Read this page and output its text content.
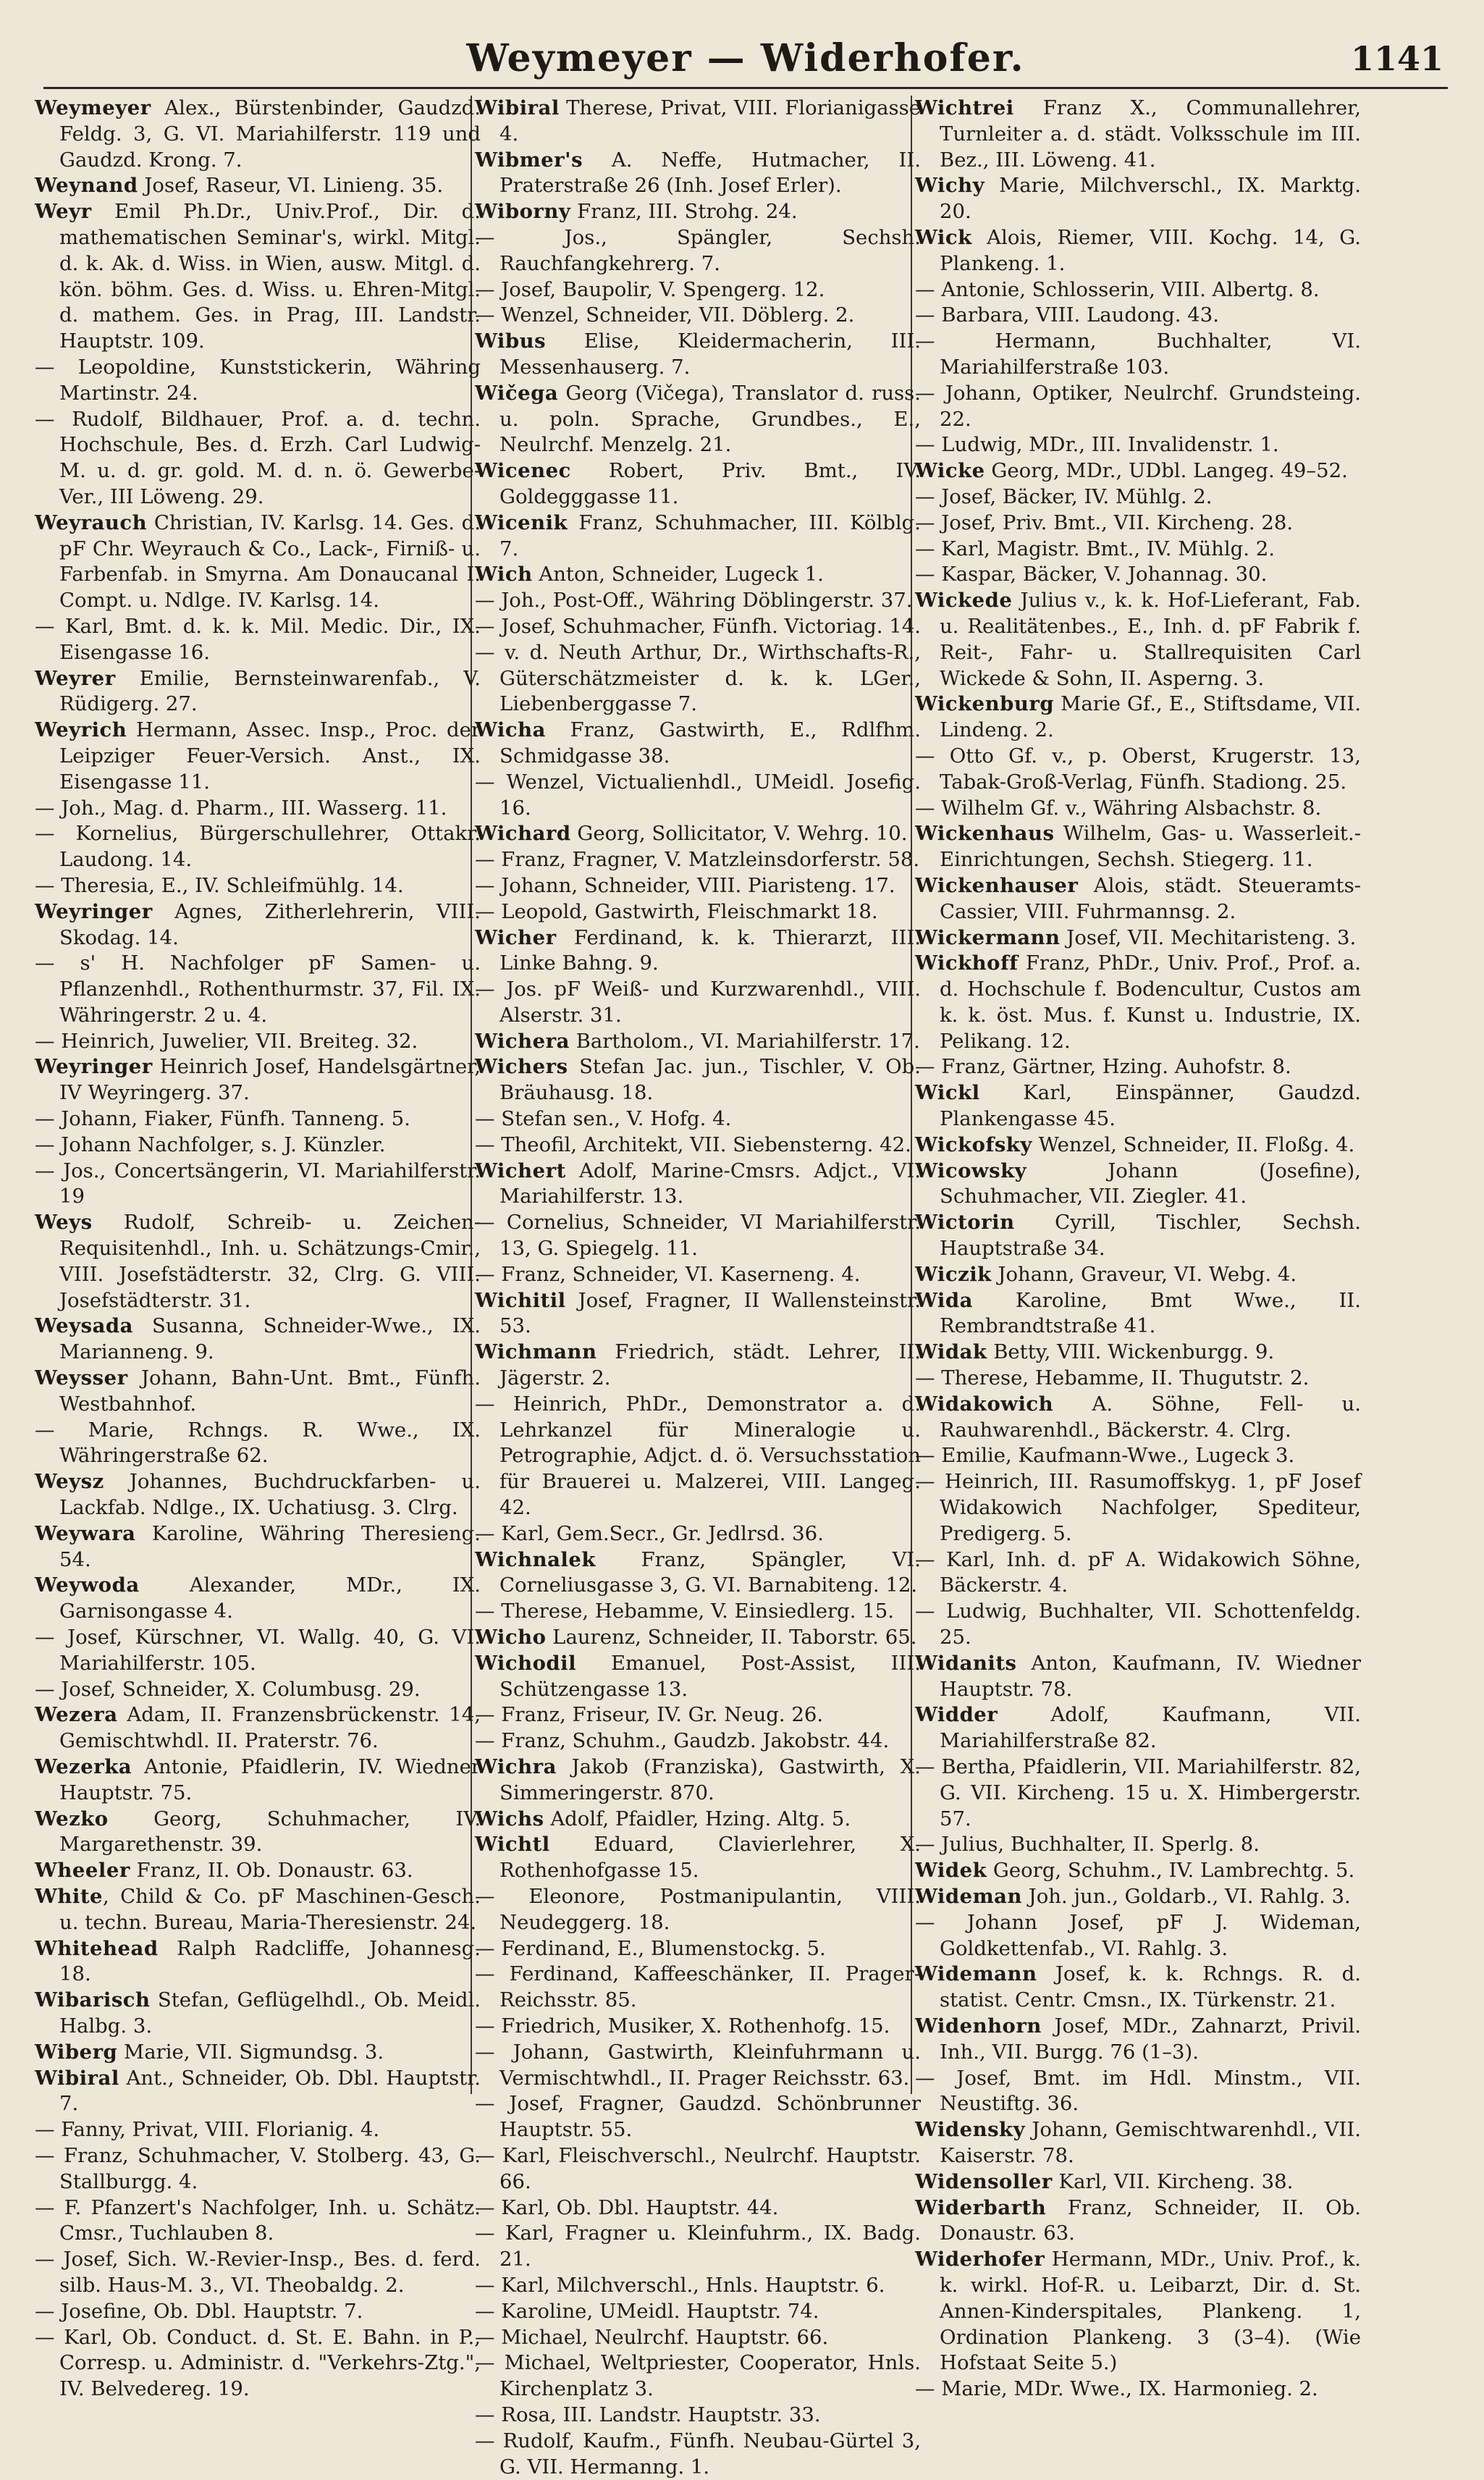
Weymeyer — Widerhofer.	1141

Weymeyer Alex., Bürstenbinder, Gaudzd. Feldg. 3, G. VI. Mariahilferstr. 119 und Gaudzd. Krong. 7.

Weynand Josef, Raseur, VI. Linieng. 35.

Weyr Emil Ph.Dr., Univ.Prof., Dir. d. mathematischen Seminar's, wirkl. Mitgl. d. k. Ak. d. Wiss. in Wien, ausw. Mitgl. d. kön. böhm. Ges. d. Wiss. u. Ehren-Mitgl. d. mathem. Ges. in Prag, III. Landstr. Hauptstr. 109.

— Leopoldine, Kunststickerin, Währing Martinstr. 24.

— Rudolf, Bildhauer, Prof. a. d. techn. Hochschule, Bes. d. Erzh. Carl Ludwig-M. u. d. gr. gold. M. d. n. ö. Gewerbe-Ver., III Löweng. 29.

Weyrauch Christian, IV. Karlsg. 14. Ges. d. pF Chr. Weyrauch & Co., Lack-, Firniß- u. Farbenfab. in Smyrna. Am Donaucanal I. Compt. u. Ndlge. IV. Karlsg. 14.

— Karl, Bmt. d. k. k. Mil. Medic. Dir., IX. Eisengasse 16.

Weyrer Emilie, Bernsteinwarenfab., V. Rüdigerg. 27.

Weyrich Hermann, Assec. Insp., Proc. der Leipziger Feuer-Versich. Anst., IX. Eisengasse 11.

— Joh., Mag. d. Pharm., III. Wasserg. 11.

— Kornelius, Bürgerschullehrer, Ottakr. Laudong. 14.

— Theresia, E., IV. Schleifmühlg. 14.

Weyringer Agnes, Zitherlehrerin, VIII. Skodag. 14.

— s' H. Nachfolger pF Samen- u. Pflanzenhdl., Rothenthurmstr. 37, Fil. IX. Währingerstr. 2 u. 4.

— Heinrich, Juwelier, VII. Breiteg. 32.

Weyringer Heinrich Josef, Handelsgärtner, IV Weyringerg. 37.

— Johann, Fiaker, Fünfh. Tanneng. 5.

— Johann Nachfolger, s. J. Künzler.

— Jos., Concertsängerin, VI. Mariahilferstr. 19

Weys Rudolf, Schreib- u. Zeichen-Requisitenhdl., Inh. u. Schätzungs-Cmir., VIII. Josefstädterstr. 32, Clrg. G. VIII. Josefstädterstr. 31.

Weysada Susanna, Schneider-Wwe., IX. Marianneng. 9.

Weysser Johann, Bahn-Unt. Bmt., Fünfh. Westbahnhof.

— Marie, Rchngs. R. Wwe., IX. Währingerstraße 62.

Weysz Johannes, Buchdruckfarben- u. Lackfab. Ndlge., IX. Uchatiusg. 3. Clrg.

Weywara Karoline, Währing Theresieng. 54.

Weywoda Alexander, MDr., IX. Garnisongasse 4.

— Josef, Kürschner, VI. Wallg. 40, G. VI. Mariahilferstr. 105.

— Josef, Schneider, X. Columbusg. 29.

Wezera Adam, II. Franzensbrückenstr. 14, Gemischtwhdl. II. Praterstr. 76.

Wezerka Antonie, Pfaidlerin, IV. Wiedner Hauptstr. 75.

Wezko Georg, Schuhmacher, IV. Margarethenstr. 39.

Wheeler Franz, II. Ob. Donaustr. 63.

White, Child & Co. pF Maschinen-Gesch. u. techn. Bureau, Maria-Theresienstr. 24.

Whitehead Ralph Radcliffe, Johannesg. 18.

Wibarisch Stefan, Geflügelhdl., Ob. Meidl. Halbg. 3.

Wiberg Marie, VII. Sigmundsg. 3.

Wibiral Ant., Schneider, Ob. Dbl. Hauptstr. 7.

— Fanny, Privat, VIII. Florianig. 4.

— Franz, Schuhmacher, V. Stolberg. 43, G. Stallburgg. 4.

— F. Pfanzert's Nachfolger, Inh. u. Schätz. Cmsr., Tuchlauben 8.

— Josef, Sich. W.-Revier-Insp., Bes. d. ferd. silb. Haus-M. 3., VI. Theobaldg. 2.

— Josefine, Ob. Dbl. Hauptstr. 7.

— Karl, Ob. Conduct. d. St. E. Bahn. in P., Corresp. u. Administr. d. "Verkehrs-Ztg.", IV. Belvedereg. 19.

Wibiral Therese, Privat, VIII. Florianigasse 4.

Wibmer's A. Neffe, Hutmacher, II. Praterstraße 26 (Inh. Josef Erler).

Wiborny Franz, III. Strohg. 24.

— Jos., Spängler, Sechsh. Rauchfangkehrerg. 7.

— Josef, Baupolir, V. Spengerg. 12.

— Wenzel, Schneider, VII. Döblerg. 2.

Wibus Elise, Kleidermacherin, III. Messenhauserg. 7.

Wičega Georg (Vičega), Translator d. russ. u. poln. Sprache, Grundbes., E., Neulrchf. Menzelg. 21.

Wicenec Robert, Priv. Bmt., IV. Goldegggasse 11.

Wicenik Franz, Schuhmacher, III. Kölblg. 7.

Wich Anton, Schneider, Lugeck 1.

— Joh., Post-Off., Währing Döblingerstr. 37.

— Josef, Schuhmacher, Fünfh. Victoriag. 14.

— v. d. Neuth Arthur, Dr., Wirthschafts-R., Güterschätzmeister d. k. k. LGer., Liebenberggasse 7.

Wicha Franz, Gastwirth, E., Rdlfhm. Schmidgasse 38.

— Wenzel, Victualienhdl., UMeidl. Josefig. 16.

Wichard Georg, Sollicitator, V. Wehrg. 10.

— Franz, Fragner, V. Matzleinsdorferstr. 58.

— Johann, Schneider, VIII. Piaristeng. 17.

— Leopold, Gastwirth, Fleischmarkt 18.

Wicher Ferdinand, k. k. Thierarzt, III. Linke Bahng. 9.

— Jos. pF Weiß- und Kurzwarenhdl., VIII. Alserstr. 31.

Wichera Bartholom., VI. Mariahilferstr. 17.

Wichers Stefan Jac. jun., Tischler, V. Ob. Bräuhausg. 18.

— Stefan sen., V. Hofg. 4.

— Theofil, Architekt, VII. Siebensterng. 42.

Wichert Adolf, Marine-Cmsrs. Adjct., VI. Mariahilferstr. 13.

— Cornelius, Schneider, VI Mariahilferstr. 13, G. Spiegelg. 11.

— Franz, Schneider, VI. Kaserneng. 4.

Wichitil Josef, Fragner, II Wallensteinstr. 53.

Wichmann Friedrich, städt. Lehrer, II. Jägerstr. 2.

— Heinrich, PhDr., Demonstrator a. d. Lehrkanzel für Mineralogie u. Petrographie, Adjct. d. ö. Versuchsstation für Brauerei u. Malzerei, VIII. Langeg. 42.

— Karl, Gem.Secr., Gr. Jedlrsd. 36.

Wichnalek Franz, Spängler, VI. Corneliusgasse 3, G. VI. Barnabiteng. 12.

— Therese, Hebamme, V. Einsiedlerg. 15.

Wicho Laurenz, Schneider, II. Taborstr. 65.

Wichodil Emanuel, Post-Assist, III. Schützengasse 13.

— Franz, Friseur, IV. Gr. Neug. 26.

— Franz, Schuhm., Gaudzb. Jakobstr. 44.

Wichra Jakob (Franziska), Gastwirth, X. Simmeringerstr. 870.

Wichs Adolf, Pfaidler, Hzing. Altg. 5.

Wichtl Eduard, Clavierlehrer, X. Rothenhofgasse 15.

— Eleonore, Postmanipulantin, VIII. Neudeggerg. 18.

— Ferdinand, E., Blumenstockg. 5.

— Ferdinand, Kaffeeschänker, II. Prager-Reichsstr. 85.

— Friedrich, Musiker, X. Rothenhofg. 15.

— Johann, Gastwirth, Kleinfuhrmann u. Vermischtwhdl., II. Prager Reichsstr. 63.

— Josef, Fragner, Gaudzd. Schönbrunner Hauptstr. 55.

— Karl, Fleischverschl., Neulrchf. Hauptstr. 66.

— Karl, Ob. Dbl. Hauptstr. 44.

— Karl, Fragner u. Kleinfuhrm., IX. Badg. 21.

— Karl, Milchverschl., Hnls. Hauptstr. 6.

— Karoline, UMeidl. Hauptstr. 74.

— Michael, Neulrchf. Hauptstr. 66.

— Michael, Weltpriester, Cooperator, Hnls. Kirchenplatz 3.

— Rosa, III. Landstr. Hauptstr. 33.

— Rudolf, Kaufm., Fünfh. Neubau-Gürtel 3, G. VII. Hermanng. 1.

Wichtrei Franz X., Communallehrer, Turnleiter a. d. städt. Volksschule im III. Bez., III. Löweng. 41.

Wichy Marie, Milchverschl., IX. Marktg. 20.

Wick Alois, Riemer, VIII. Kochg. 14, G. Plankeng. 1.

— Antonie, Schlosserin, VIII. Albertg. 8.

— Barbara, VIII. Laudong. 43.

— Hermann, Buchhalter, VI. Mariahilferstraße 103.

— Johann, Optiker, Neulrchf. Grundsteing. 22.

— Ludwig, MDr., III. Invalidenstr. 1.

Wicke Georg, MDr., UDbl. Langeg. 49–52.

— Josef, Bäcker, IV. Mühlg. 2.

— Josef, Priv. Bmt., VII. Kircheng. 28.

— Karl, Magistr. Bmt., IV. Mühlg. 2.

— Kaspar, Bäcker, V. Johannag. 30.

Wickede Julius v., k. k. Hof-Lieferant, Fab. u. Realitätenbes., E., Inh. d. pF Fabrik f. Reit-, Fahr- u. Stallrequisiten Carl Wickede & Sohn, II. Asperng. 3.

Wickenburg Marie Gf., E., Stiftsdame, VII. Lindeng. 2.

— Otto Gf. v., p. Oberst, Krugerstr. 13, Tabak-Groß-Verlag, Fünfh. Stadiong. 25.

— Wilhelm Gf. v., Währing Alsbachstr. 8.

Wickenhaus Wilhelm, Gas- u. Wasserleit.-Einrichtungen, Sechsh. Stiegerg. 11.

Wickenhauser Alois, städt. Steueramts-Cassier, VIII. Fuhrmannsg. 2.

Wickermann Josef, VII. Mechitaristeng. 3.

Wickhoff Franz, PhDr., Univ. Prof., Prof. a. d. Hochschule f. Bodencultur, Custos am k. k. öst. Mus. f. Kunst u. Industrie, IX. Pelikang. 12.

— Franz, Gärtner, Hzing. Auhofstr. 8.

Wickl Karl, Einspänner, Gaudzd. Plankengasse 45.

Wickofsky Wenzel, Schneider, II. Floßg. 4.

Wicowsky Johann (Josefine), Schuhmacher, VII. Ziegler. 41.

Wictorin Cyrill, Tischler, Sechsh. Hauptstraße 34.

Wiczik Johann, Graveur, VI. Webg. 4.

Wida Karoline, Bmt Wwe., II. Rembrandtstraße 41.

Widak Betty, VIII. Wickenburgg. 9.

— Therese, Hebamme, II. Thugutstr. 2.

Widakowich A. Söhne, Fell- u. Rauhwarenhdl., Bäckerstr. 4. Clrg.

— Emilie, Kaufmann-Wwe., Lugeck 3.

— Heinrich, III. Rasumoffskyg. 1, pF Josef Widakowich Nachfolger, Spediteur, Predigerg. 5.

— Karl, Inh. d. pF A. Widakowich Söhne, Bäckerstr. 4.

— Ludwig, Buchhalter, VII. Schottenfeldg. 25.

Widanits Anton, Kaufmann, IV. Wiedner Hauptstr. 78.

Widder Adolf, Kaufmann, VII. Mariahilferstraße 82.

— Bertha, Pfaidlerin, VII. Mariahilferstr. 82, G. VII. Kircheng. 15 u. X. Himbergerstr. 57.

— Julius, Buchhalter, II. Sperlg. 8.

Widek Georg, Schuhm., IV. Lambrechtg. 5.

Wideman Joh. jun., Goldarb., VI. Rahlg. 3.

— Johann Josef, pF J. Wideman, Goldkettenfab., VI. Rahlg. 3.

Widemann Josef, k. k. Rchngs. R. d. statist. Centr. Cmsn., IX. Türkenstr. 21.

Widenhorn Josef, MDr., Zahnarzt, Privil. Inh., VII. Burgg. 76 (1–3).

— Josef, Bmt. im Hdl. Minstm., VII. Neustiftg. 36.

Widensky Johann, Gemischtwarenhdl., VII. Kaiserstr. 78.

Widensoller Karl, VII. Kircheng. 38.

Widerbarth Franz, Schneider, II. Ob. Donaustr. 63.

Widerhofer Hermann, MDr., Univ. Prof., k. k. wirkl. Hof-R. u. Leibarzt, Dir. d. St. Annen-Kinderspitales, Plankeng. 1, Ordination Plankeng. 3 (3–4). (Wie Hofstaat Seite 5.)

— Marie, MDr. Wwe., IX. Harmonieg. 2.
